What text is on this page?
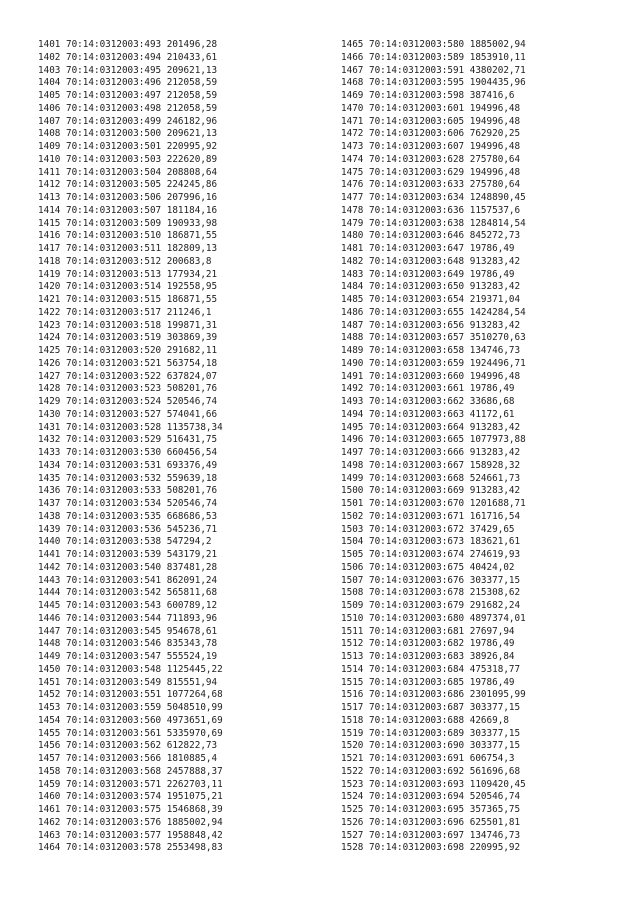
1401 70:14:0312003:493 201496,28
1402 70:14:0312003:494 210433,61
1403 70:14:0312003:495 209621,13
1404 70:14:0312003:496 212058,59
1405 70:14:0312003:497 212058,59
1406 70:14:0312003:498 212058,59
1407 70:14:0312003:499 246182,96
1408 70:14:0312003:500 209621,13
1409 70:14:0312003:501 220995,92
1410 70:14:0312003:503 222620,89
1411 70:14:0312003:504 208808,64
1412 70:14:0312003:505 224245,86
1413 70:14:0312003:506 207996,16
1414 70:14:0312003:507 181184,16
1415 70:14:0312003:509 190933,98
1416 70:14:0312003:510 186871,55
1417 70:14:0312003:511 182809,13
1418 70:14:0312003:512 200683,8
1419 70:14:0312003:513 177934,21
1420 70:14:0312003:514 192558,95
1421 70:14:0312003:515 186871,55
1422 70:14:0312003:517 211246,1
1423 70:14:0312003:518 199871,31
1424 70:14:0312003:519 303869,39
1425 70:14:0312003:520 291682,11
1426 70:14:0312003:521 563754,18
1427 70:14:0312003:522 637824,07
1428 70:14:0312003:523 508201,76
1429 70:14:0312003:524 520546,74
1430 70:14:0312003:527 574041,66
1431 70:14:0312003:528 1135738,34
1432 70:14:0312003:529 516431,75
1433 70:14:0312003:530 660456,54
1434 70:14:0312003:531 693376,49
1435 70:14:0312003:532 559639,18
1436 70:14:0312003:533 508201,76
1437 70:14:0312003:534 520546,74
1438 70:14:0312003:535 668686,53
1439 70:14:0312003:536 545236,71
1440 70:14:0312003:538 547294,2
1441 70:14:0312003:539 543179,21
1442 70:14:0312003:540 837481,28
1443 70:14:0312003:541 862091,24
1444 70:14:0312003:542 565811,68
1445 70:14:0312003:543 600789,12
1446 70:14:0312003:544 711893,96
1447 70:14:0312003:545 954678,61
1448 70:14:0312003:546 835343,78
1449 70:14:0312003:547 555524,19
1450 70:14:0312003:548 1125445,22
1451 70:14:0312003:549 815551,94
1452 70:14:0312003:551 1077264,68
1453 70:14:0312003:559 5048510,99
1454 70:14:0312003:560 4973651,69
1455 70:14:0312003:561 5335970,69
1456 70:14:0312003:562 612822,73
1457 70:14:0312003:566 1810885,4
1458 70:14:0312003:568 2457888,37
1459 70:14:0312003:571 2262703,11
1460 70:14:0312003:574 1951075,21
1461 70:14:0312003:575 1546868,39
1462 70:14:0312003:576 1885002,94
1463 70:14:0312003:577 1958848,42
1464 70:14:0312003:578 2553498,83
1465 70:14:0312003:580 1885002,94
1466 70:14:0312003:589 1853910,11
1467 70:14:0312003:591 4380202,71
1468 70:14:0312003:595 1904435,96
1469 70:14:0312003:598 387416,6
1470 70:14:0312003:601 194996,48
1471 70:14:0312003:605 194996,48
1472 70:14:0312003:606 762920,25
1473 70:14:0312003:607 194996,48
1474 70:14:0312003:628 275780,64
1475 70:14:0312003:629 194996,48
1476 70:14:0312003:633 275780,64
1477 70:14:0312003:634 1248890,45
1478 70:14:0312003:636 1157537,6
1479 70:14:0312003:638 1284814,54
1480 70:14:0312003:646 845272,73
1481 70:14:0312003:647 19786,49
1482 70:14:0312003:648 913283,42
1483 70:14:0312003:649 19786,49
1484 70:14:0312003:650 913283,42
1485 70:14:0312003:654 219371,04
1486 70:14:0312003:655 1424284,54
1487 70:14:0312003:656 913283,42
1488 70:14:0312003:657 3510270,63
1489 70:14:0312003:658 134746,73
1490 70:14:0312003:659 1924496,71
1491 70:14:0312003:660 194996,48
1492 70:14:0312003:661 19786,49
1493 70:14:0312003:662 33686,68
1494 70:14:0312003:663 41172,61
1495 70:14:0312003:664 913283,42
1496 70:14:0312003:665 1077973,88
1497 70:14:0312003:666 913283,42
1498 70:14:0312003:667 158928,32
1499 70:14:0312003:668 524661,73
1500 70:14:0312003:669 913283,42
1501 70:14:0312003:670 1201688,71
1502 70:14:0312003:671 161716,54
1503 70:14:0312003:672 37429,65
1504 70:14:0312003:673 183621,61
1505 70:14:0312003:674 274619,93
1506 70:14:0312003:675 40424,02
1507 70:14:0312003:676 303377,15
1508 70:14:0312003:678 215308,62
1509 70:14:0312003:679 291682,24
1510 70:14:0312003:680 4897374,01
1511 70:14:0312003:681 27697,94
1512 70:14:0312003:682 19786,49
1513 70:14:0312003:683 38926,84
1514 70:14:0312003:684 475318,77
1515 70:14:0312003:685 19786,49
1516 70:14:0312003:686 2301095,99
1517 70:14:0312003:687 303377,15
1518 70:14:0312003:688 42669,8
1519 70:14:0312003:689 303377,15
1520 70:14:0312003:690 303377,15
1521 70:14:0312003:691 606754,3
1522 70:14:0312003:692 561696,68
1523 70:14:0312003:693 1109420,45
1524 70:14:0312003:694 520546,74
1525 70:14:0312003:695 357365,75
1526 70:14:0312003:696 625501,81
1527 70:14:0312003:697 134746,73
1528 70:14:0312003:698 220995,92
